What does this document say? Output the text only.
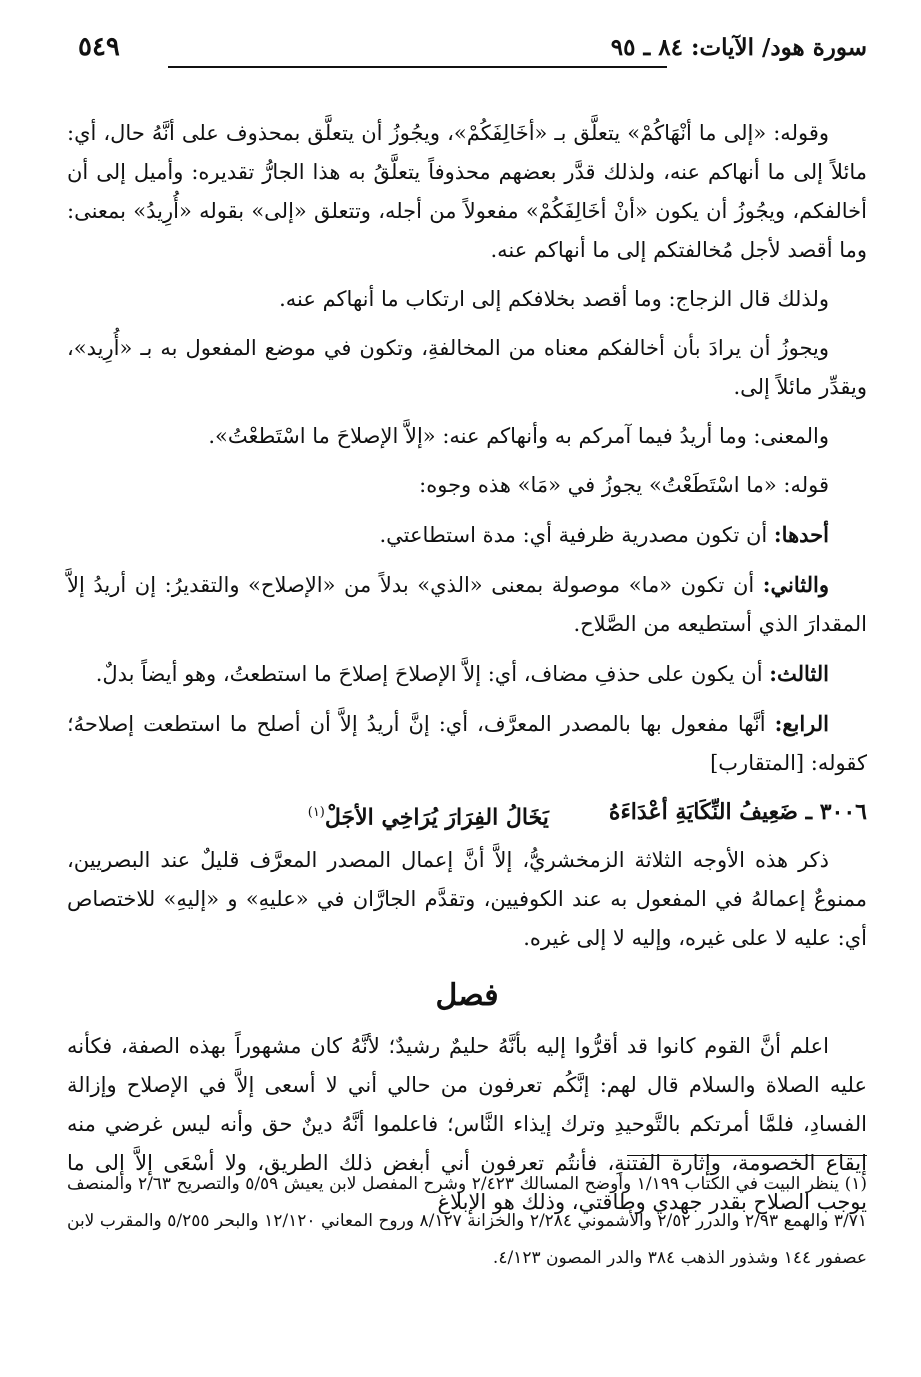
سورة هود/ الآيات: ٨٤ ـ ٩٥
٥٤٩

وقوله: «إلى ما أنْهَاكُمْ» يتعلَّق بـ «أخَالِفَكُمْ»، ويجُوزُ أن يتعلَّق بمحذوف على أنَّهُ حال، أي: مائلاً إلى ما أنهاكم عنه، ولذلك قدَّر بعضهم محذوفاً يتعلَّقُ به هذا الجارُّ تقديره: وأميل إلى أن أخالفكم، ويجُوزُ أن يكون «أنْ أخَالِفَكُمْ» مفعولاً من أجله، وتتعلق «إلى» بقوله «أُرِيدُ» بمعنى: وما أقصد لأجل مُخالفتكم إلى ما أنهاكم عنه.

ولذلك قال الزجاج: وما أقصد بخلافكم إلى ارتكاب ما أنهاكم عنه.

ويجوزُ أن يرادَ بأن أخالفكم معناه من المخالفةِ، وتكون في موضع المفعول به بـ «أُرِيد»، ويقدِّر مائلاً إلى.

والمعنى: وما أريدُ فيما آمركم به وأنهاكم عنه: «إلاَّ الإصلاحَ ما اسْتَطعْتُ».

قوله: «ما اسْتَطَعْتُ» يجوزُ في «مَا» هذه وجوه:

أحدها: أن تكون مصدرية ظرفية أي: مدة استطاعتي.

والثاني: أن تكون «ما» موصولة بمعنى «الذي» بدلاً من «الإصلاح» والتقديرُ: إن أريدُ إلاَّ المقدارَ الذي أستطيعه من الصَّلاح.

الثالث: أن يكون على حذفِ مضاف، أي: إلاَّ الإصلاحَ إصلاحَ ما استطعتُ، وهو أيضاً بدلٌ.

الرابع: أنَّها مفعول بها بالمصدر المعرَّف، أي: إنَّ أريدُ إلاَّ أن أصلح ما استطعت إصلاحهُ؛ كقوله: [المتقارب]

٣٠٠٦ ـ ضَعِيفُ النِّكَايَةِ أعْدَاءَهُ
يَخَالُ الفِرَارَ يُرَاخِي الأجَلْ$^{(١)}$

ذكر هذه الأوجه الثلاثة الزمخشريُّ، إلاَّ أنَّ إعمال المصدر المعرَّف قليلٌ عند البصريين، ممنوعٌ إعمالهُ في المفعول به عند الكوفيين، وتقدَّم الجارَّان في «عليهِ» و «إليهِ» للاختصاص أي: عليه لا على غيره، وإليه لا إلى غيره.

فصل

اعلم أنَّ القوم كانوا قد أقرُّوا إليه بأنَّهُ حليمٌ رشيدٌ؛ لأنَّهُ كان مشهوراً بهذه الصفة، فكأنه عليه الصلاة والسلام قال لهم: إنَّكُم تعرفون من حالي أني لا أسعى إلاَّ في الإصلاح وإزالة الفسادِ، فلمَّا أمرتكم بالتَّوحيدِ وترك إيذاء النَّاس؛ فاعلموا أنَّهُ دينٌ حق وأنه ليس غرضي منه إيقاع الخصومة، وإثارة الفتنةِ، فأنتُم تعرفون أني أبغض ذلك الطريق، ولا أسْعَى إلاَّ إلى ما يوجب الصلاح بقدر جهدي وطاقتي، وذلك هو الإبلاغ

(١) ينظر البيت في الكتاب ١/١٩٩ وأوضح المسالك ٢/٤٢٣ وشرح المفصل لابن يعيش ٥/٥٩ والتصريح ٢/٦٣ والمنصف ٣/٧١ والهمع ٢/٩٣ والدرر ٢/٥٢ والأشموني ٢/٢٨٤ والخزانة ٨/١٢٧ وروح المعاني ١٢/١٢٠ والبحر ٥/٢٥٥ والمقرب لابن عصفور ١٤٤ وشذور الذهب ٣٨٤ والدر المصون ٤/١٢٣.
